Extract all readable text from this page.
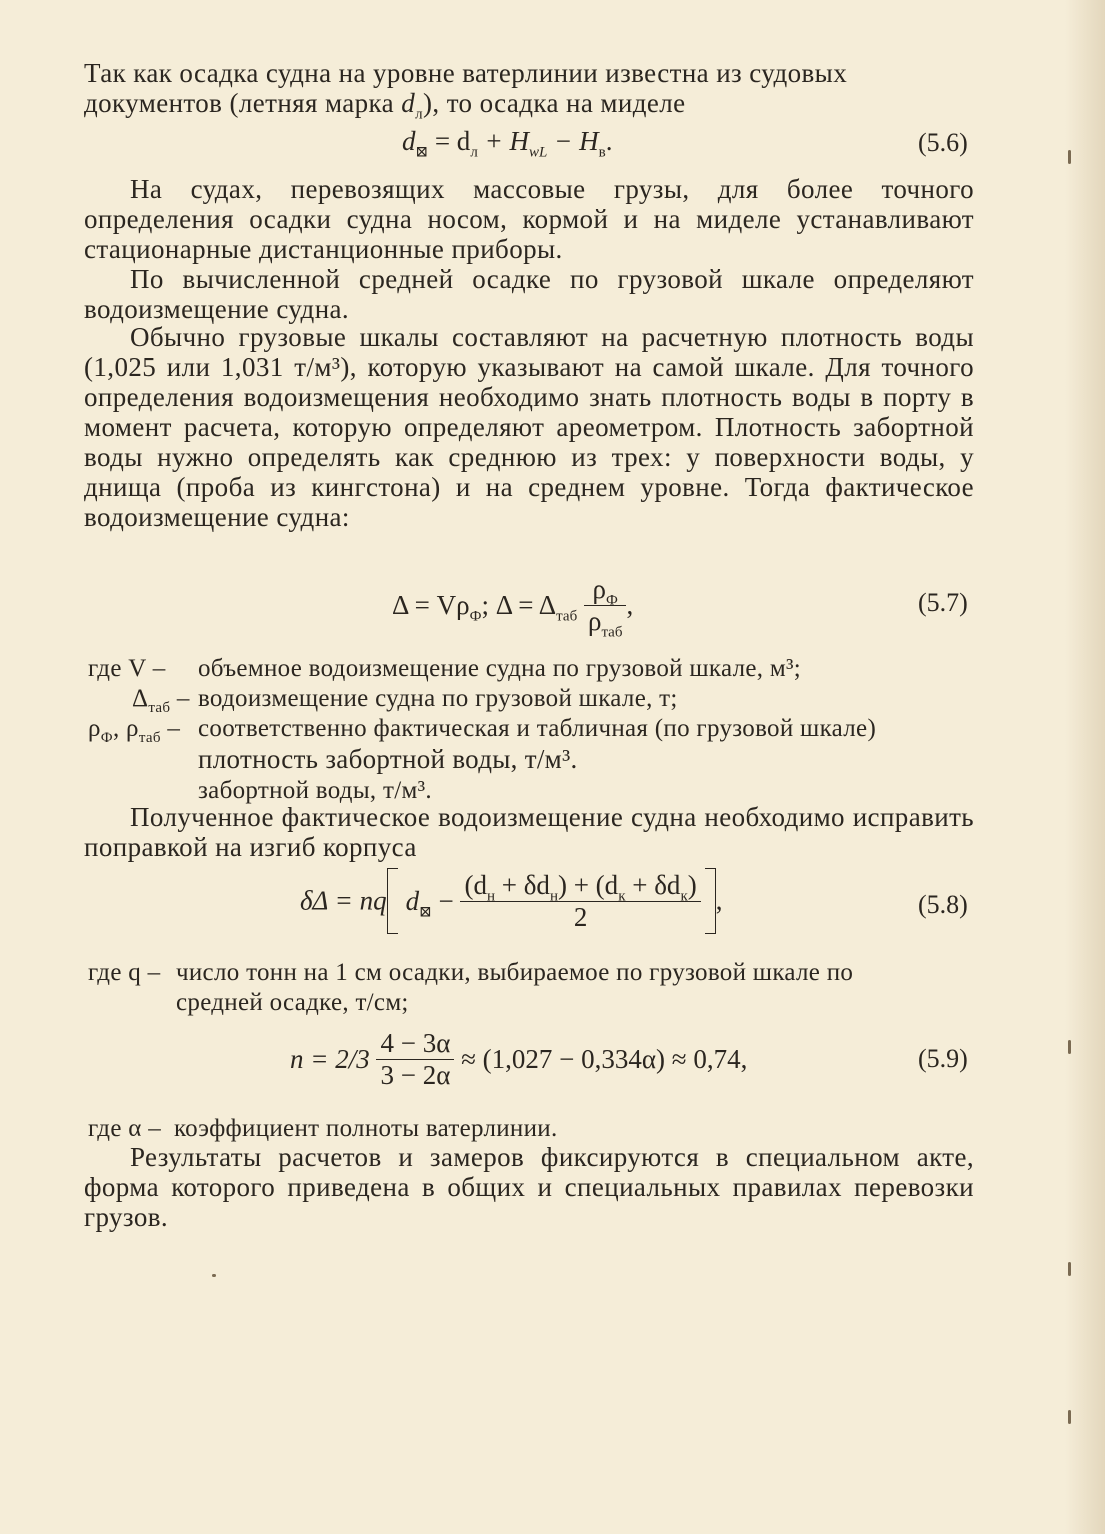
Так как осадка судна на уровне ватерлинии известна из судовых
документов (летняя марка $d_л$), то осадка на миделе
$d_⊠ = d_л + H_{wL} - H_в$.	(5.6)

На судах, перевозящих массовые грузы, для более точного определения осадки судна носом, кормой и на миделе устанавливают стационарные дистанционные приборы.

По вычисленной средней осадке по грузовой шкале определяют водоизмещение судна.

Обычно грузовые шкалы составляют на расчетную плотность воды (1,025 или 1,031 т/м³), которую указывают на самой шкале. Для точного определения водоизмещения необходимо знать плотность воды в порту в момент расчета, которую определяют ареометром. Плотность забортной воды нужно определять как среднюю из трех: у поверхности воды, у днища (проба из кингстона) и на среднем уровне. Тогда фактическое водоизмещение судна:

$\Delta = V\rho_Ф$; $\Delta = \Delta_{таб} \frac{\rho_Ф}{\rho_{таб}}$ ,	(5.7)
где V – объемное водоизмещение судна по грузовой шкале, м³;
$\Delta_{таб}$ – водоизмещение судна по грузовой шкале, т;
$\rho_Ф$, $\rho_{таб}$ – соответственно фактическая и табличная (по грузовой шкале)
плотность забортной воды, т/м³.
забортной воды, т/м³.

Полученное фактическое водоизмещение судна необходимо исправить поправкой на изгиб корпуса

δΔ = nq $d_⊠ - \frac{(d_н + \delta d_н) + (d_к + \delta d_к)}{2}$ ,	(5.8)
где q – число тонн на 1 см осадки, выбираемое по грузовой шкале по
средней осадке, т/см;
$n = 2/3 \frac{4 - 3\alpha}{3 - 2\alpha} \approx (1,027 - 0,334\alpha) \approx 0,74$,	(5.9)
где α – коэффициент полноты ватерлинии.

Результаты расчетов и замеров фиксируются в специальном акте, форма которого приведена в общих и специальных правилах перевозки грузов.
